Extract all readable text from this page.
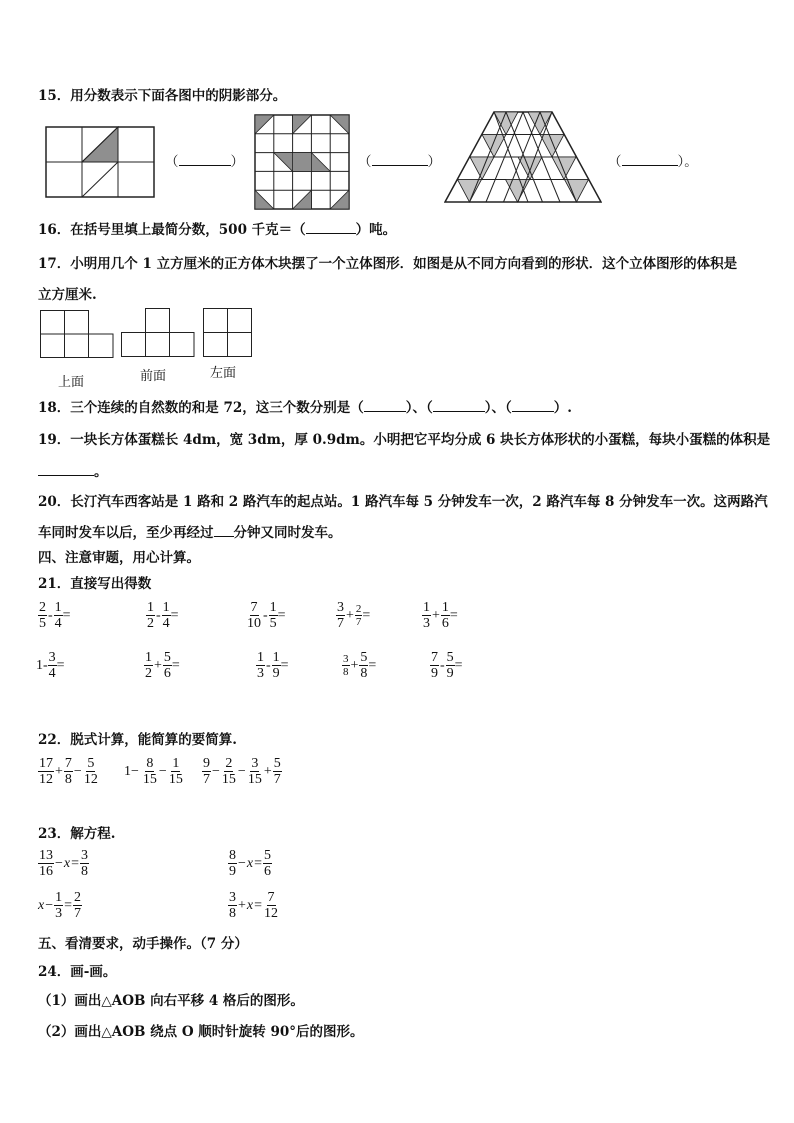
15．用分数表示下面各图中的阴影部分。
（	）	（	）	（	）。
16．在括号里填上最简分数，500 千克＝（	）吨。
17．小明用几个 1 立方厘米的正方体木块摆了一个立体图形．如图是从不同方向看到的形状．这个立体图形的体积是
立方厘米.
上面	前面	左面
18．三个连续的自然数的和是 72，这三个数分别是（	）、（	）、（	）.
19．一块长方体蛋糕长 4dm，宽 3dm，厚 0.9dm。小明把它平均分成 6 块长方体形状的小蛋糕，每块小蛋糕的体积是
。
20．长汀汽车西客站是 1 路和 2 路汽车的起点站。1 路汽车每 5 分钟发车一次，2 路汽车每 8 分钟发车一次。这两路汽
车同时发车以后，至少再经过 分钟又同时发车。
四、注意审题，用心计算。
21．直接写出得数
$\frac{2}{5} - \frac{1}{4}$ =	$\frac{1}{2} - \frac{1}{4}$ =	$\frac{7}{10} - \frac{1}{5}$ =	$\frac{3}{7} + \frac{2}{7}$ =	$\frac{1}{3} + \frac{1}{6}$ =
$1- \frac{3}{4}$ =	$\frac{1}{2} + \frac{5}{6}$ =	$\frac{1}{3} - \frac{1}{9}$ =	$\frac{3}{8} + \frac{5}{8}$ =	$\frac{7}{9} - \frac{5}{9}$ =
22．脱式计算，能简算的要简算.
$\frac{17}{12} + \frac{7}{8} - \frac{5}{12} 1- \frac{8}{15} - \frac{1}{15} \frac{9}{7} - \frac{2}{15} - \frac{3}{15} + \frac{5}{7}$
23．解方程.
$\frac{13}{16} - x = \frac{3}{8}$	$\frac{8}{9} - x = \frac{5}{6}$
$x - \frac{1}{3} = \frac{2}{7}$	$\frac{3}{8} + x = \frac{7}{12}$
五、看清要求，动手操作。（7 分）
24．画-画。
（1）画出△AOB 向右平移 4 格后的图形。
（2）画出△AOB 绕点 O 顺时针旋转 90°后的图形。
